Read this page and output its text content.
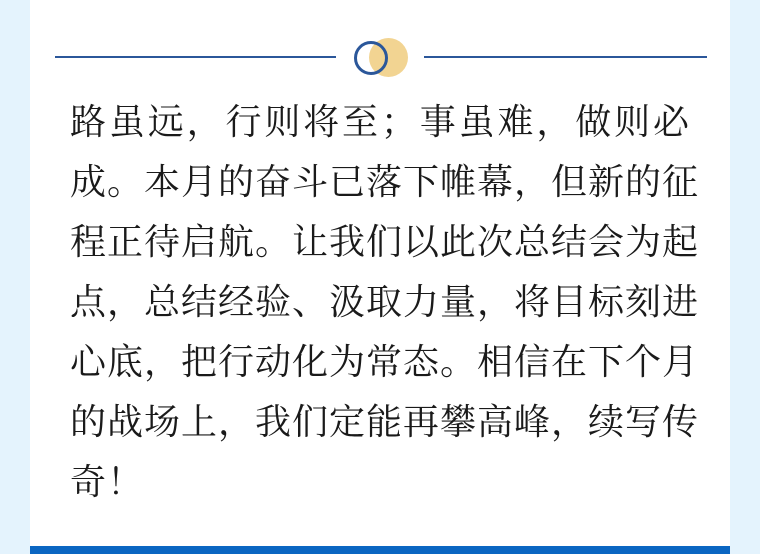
路虽远，行则将至；事虽难，做则必
成。本月的奋斗已落下帷幕，但新的征
程正待启航。让我们以此次总结会为起
点，总结经验、汲取力量，将目标刻进
心底，把行动化为常态。相信在下个月
的战场上，我们定能再攀高峰，续写传
奇！
